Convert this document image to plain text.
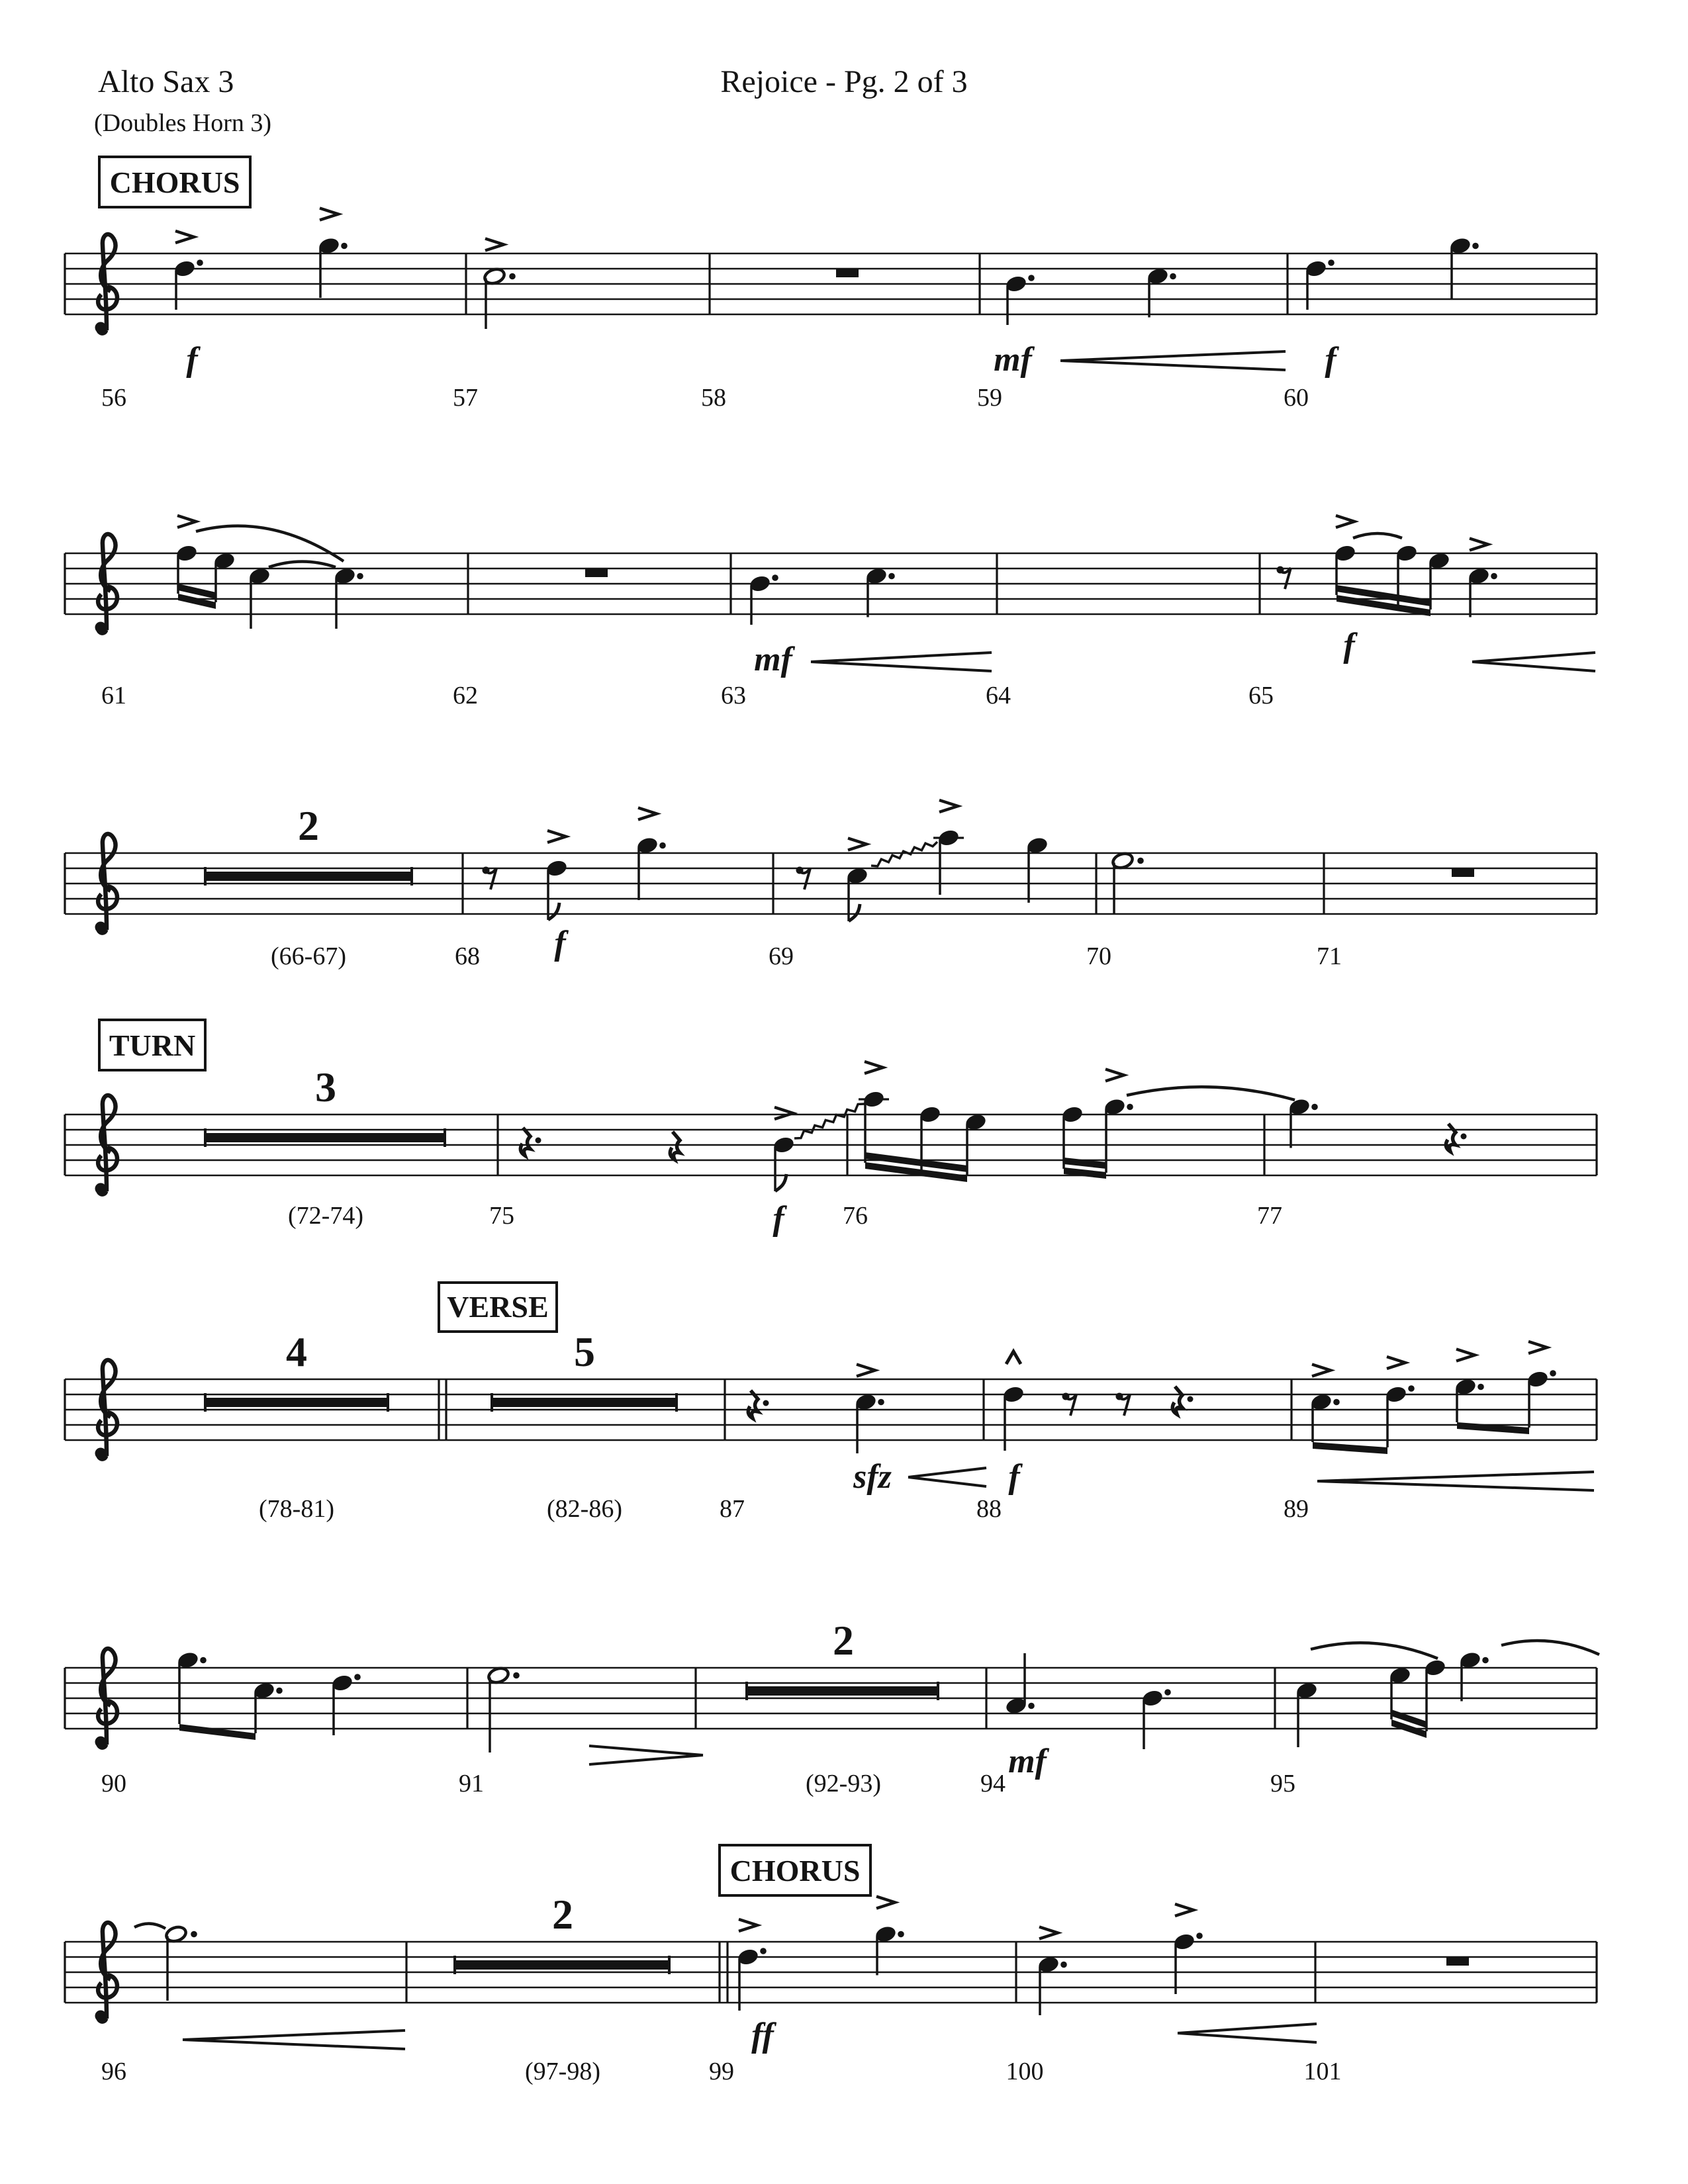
Alto Sax 3
(Doubles Horn 3)
Rejoice - Pg. 2 of 3
CHORUS
56	57	58	59	60
f	mf	f
61	62	63	64	65
mf	f
2
(66-67)	68	69	70	71
f
TURN
3
(72-74)	75	76	77
f
VERSE
4
(78-81)
5
(82-86)	87	88	89
sfz	f
2
(92-93)
90	91	94	95
mf
CHORUS
2
(97-98)
96	99	100	101
ff
